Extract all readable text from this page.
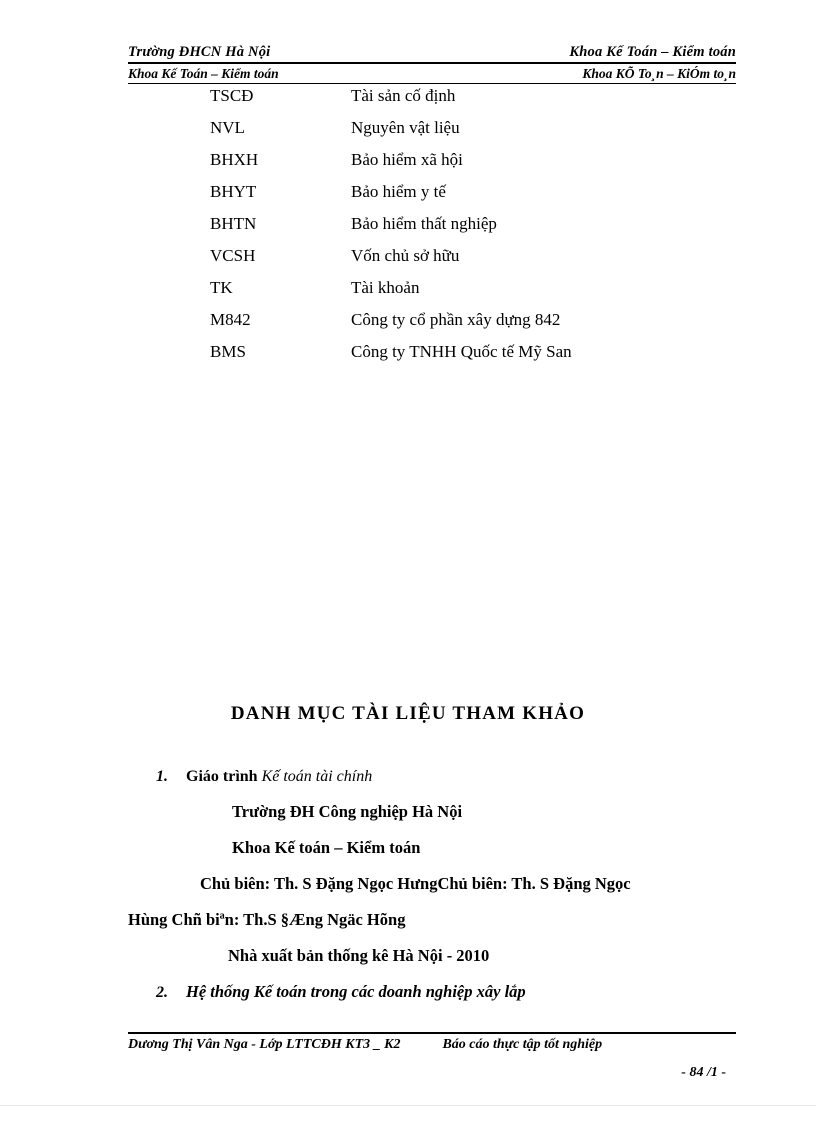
Trường ĐHCN Hà Nội	Khoa Kế Toán – Kiểm toán
Khoa Kế Toán – Kiểm toán	Khoa KÕ To¸n – KiÓm to¸n
TSCĐ	Tài sản cố định
NVL	Nguyên vật liệu
BHXH	Bảo hiểm xã hội
BHYT	Bảo hiểm y tế
BHTN	Bảo hiểm thất nghiệp
VCSH	Vốn chủ sở hữu
TK	Tài khoản
M842	Công ty cổ phần xây dựng 842
BMS	Công ty TNHH Quốc tế Mỹ San
DANH MỤC TÀI LIỆU THAM KHẢO
1.	Giáo trình
Kế toán tài chính
Trường ĐH Công nghiệp Hà Nội
Khoa Kế toán – Kiểm toán
Chủ biên: Th. S Đặng Ngọc HưngChủ biên: Th. S Đặng Ngọc
Hùng Chñ biªn: Th.S §Æng Ngäc Hõng
Nhà xuất bản thống kê Hà Nội - 2010
2.	Hệ thống Kế toán trong các doanh nghiệp xây lắp
Dương Thị Vân Nga - Lớp LTTCĐH KT3 _ K2	Báo cáo thực tập tốt nghiệp
- 84 /1 -
